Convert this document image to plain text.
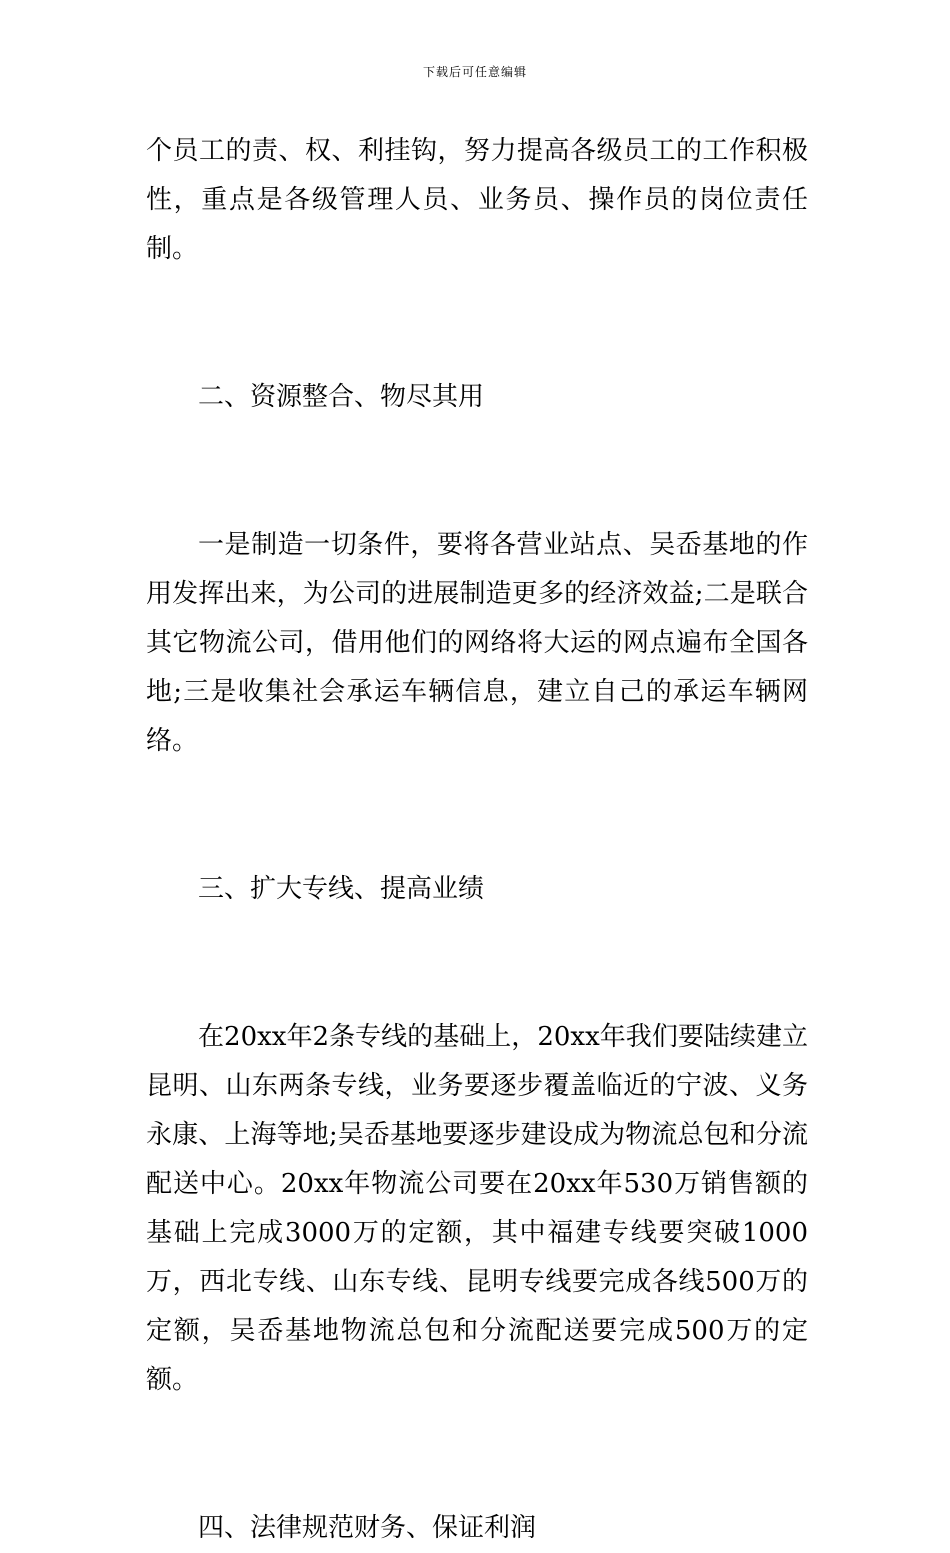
下载后可任意编辑

个员工的责、权、利挂钩，努力提高各级员工的工作积极性，重点是各级管理人员、业务员、操作员的岗位责任制。

二、资源整合、物尽其用

一是制造一切条件，要将各营业站点、吴岙基地的作用发挥出来，为公司的进展制造更多的经济效益;二是联合其它物流公司，借用他们的网络将大运的网点遍布全国各地;三是收集社会承运车辆信息，建立自己的承运车辆网络。

三、扩大专线、提高业绩

在20xx年2条专线的基础上，20xx年我们要陆续建立昆明、山东两条专线，业务要逐步覆盖临近的宁波、义务永康、上海等地;吴岙基地要逐步建设成为物流总包和分流配送中心。20xx年物流公司要在20xx年530万销售额的基础上完成3000万的定额，其中福建专线要突破1000万，西北专线、山东专线、昆明专线要完成各线500万的定额，吴岙基地物流总包和分流配送要完成500万的定额。

四、法律规范财务、保证利润
